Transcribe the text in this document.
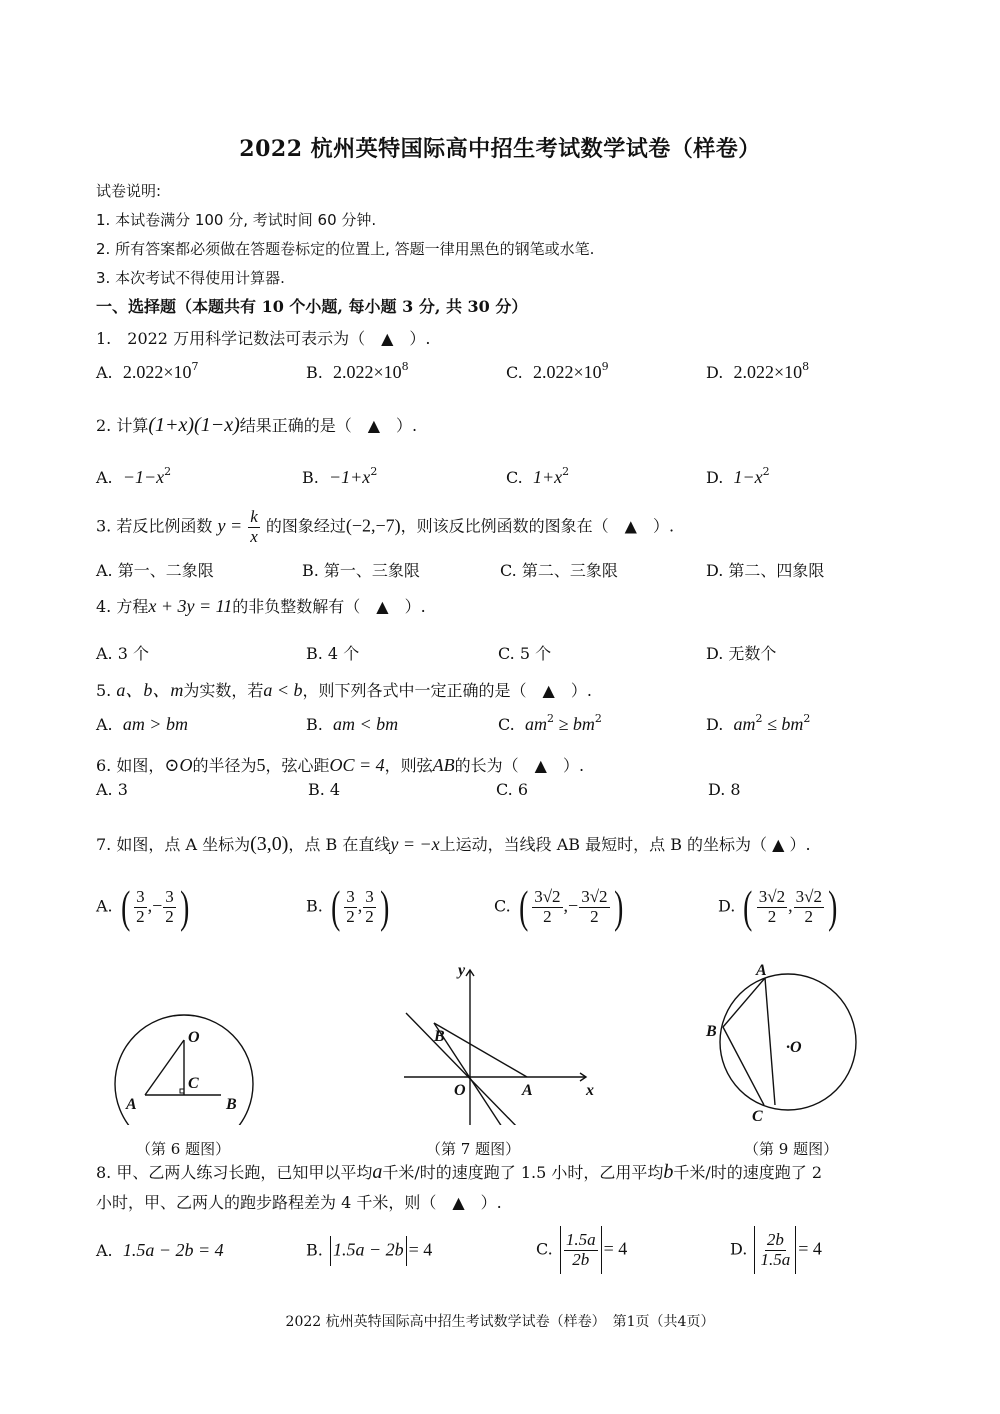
2022 杭州英特国际高中招生考试数学试卷（样卷）
试卷说明:
1. 本试卷满分 100 分, 考试时间 60 分钟.
2. 所有答案都必须做在答题卷标定的位置上, 答题一律用黑色的钢笔或水笔.
3. 本次考试不得使用计算器.
一、选择题（本题共有 10 个小题, 每小题 3 分, 共 30 分）
1.　2022 万用科学记数法可表示为（　▲　）.
A. $2.022\times 10^7$	B. $2.022\times 10^8$	C. $2.022\times 10^9$	D. $2.022\times 10^8$
2. 计算(1+x)(1−x)结果正确的是（　▲　）.
A. $-1-x^2$	B. $-1+x^2$	C. $1+x^2$	D. $1-x^2$
3. 若反比例函数 $y = \frac{k}{x}$ 的图象经过(−2,−7)，则该反比例函数的图象在（　▲　）.
A. 第一、二象限	B. 第一、三象限	C. 第二、三象限	D. 第二、四象限
4. 方程x + 3y = 11的非负整数解有（　▲　）.
A. 3 个	B. 4 个	C. 5 个	D. 无数个
5. a、b、m为实数，若a < b，则下列各式中一定正确的是（　▲　）.
A. am > bm	B. am < bm	C. $am^2 \ge bm^2$	D. $am^2 \le bm^2$
6. 如图，⊙O的半径为5，弦心距OC = 4，则弦AB的长为（　▲　）.
A. 3	B. 4	C. 6	D. 8
7. 如图，点 A 坐标为(3,0)，点 B 在直线y = −x上运动，当线段 AB 最短时，点 B 的坐标为（ ▲ ）.
A. ( $\frac{3}{2}$ ,− $\frac{3}{2}$ )	B. ( $\frac{3}{2}$ , $\frac{3}{2}$ )	C. ( $\frac{3√2}{2}$ ,− $\frac{3√2}{2}$ )	D. ( $\frac{3√2}{2}$ , $\frac{3√2}{2}$ )
O
C
A	B
y
x
O	A
B
A
B
C
·O
（第 6 题图）	（第 7 题图）	（第 9 题图）
8. 甲、乙两人练习长跑，已知甲以平均a千米/时的速度跑了 1.5 小时，乙用平均b千米/时的速度跑了 2
小时，甲、乙两人的跑步路程差为 4 千米，则（　▲　）.
A. 1.5a − 2b = 4	B. 1.5a − 2b = 4	C. $\frac{1.5a}{2b} = 4$	D. $\frac{2b}{1.5a} = 4$
2022 杭州英特国际高中招生考试数学试卷（样卷）　第1页（共4页）
